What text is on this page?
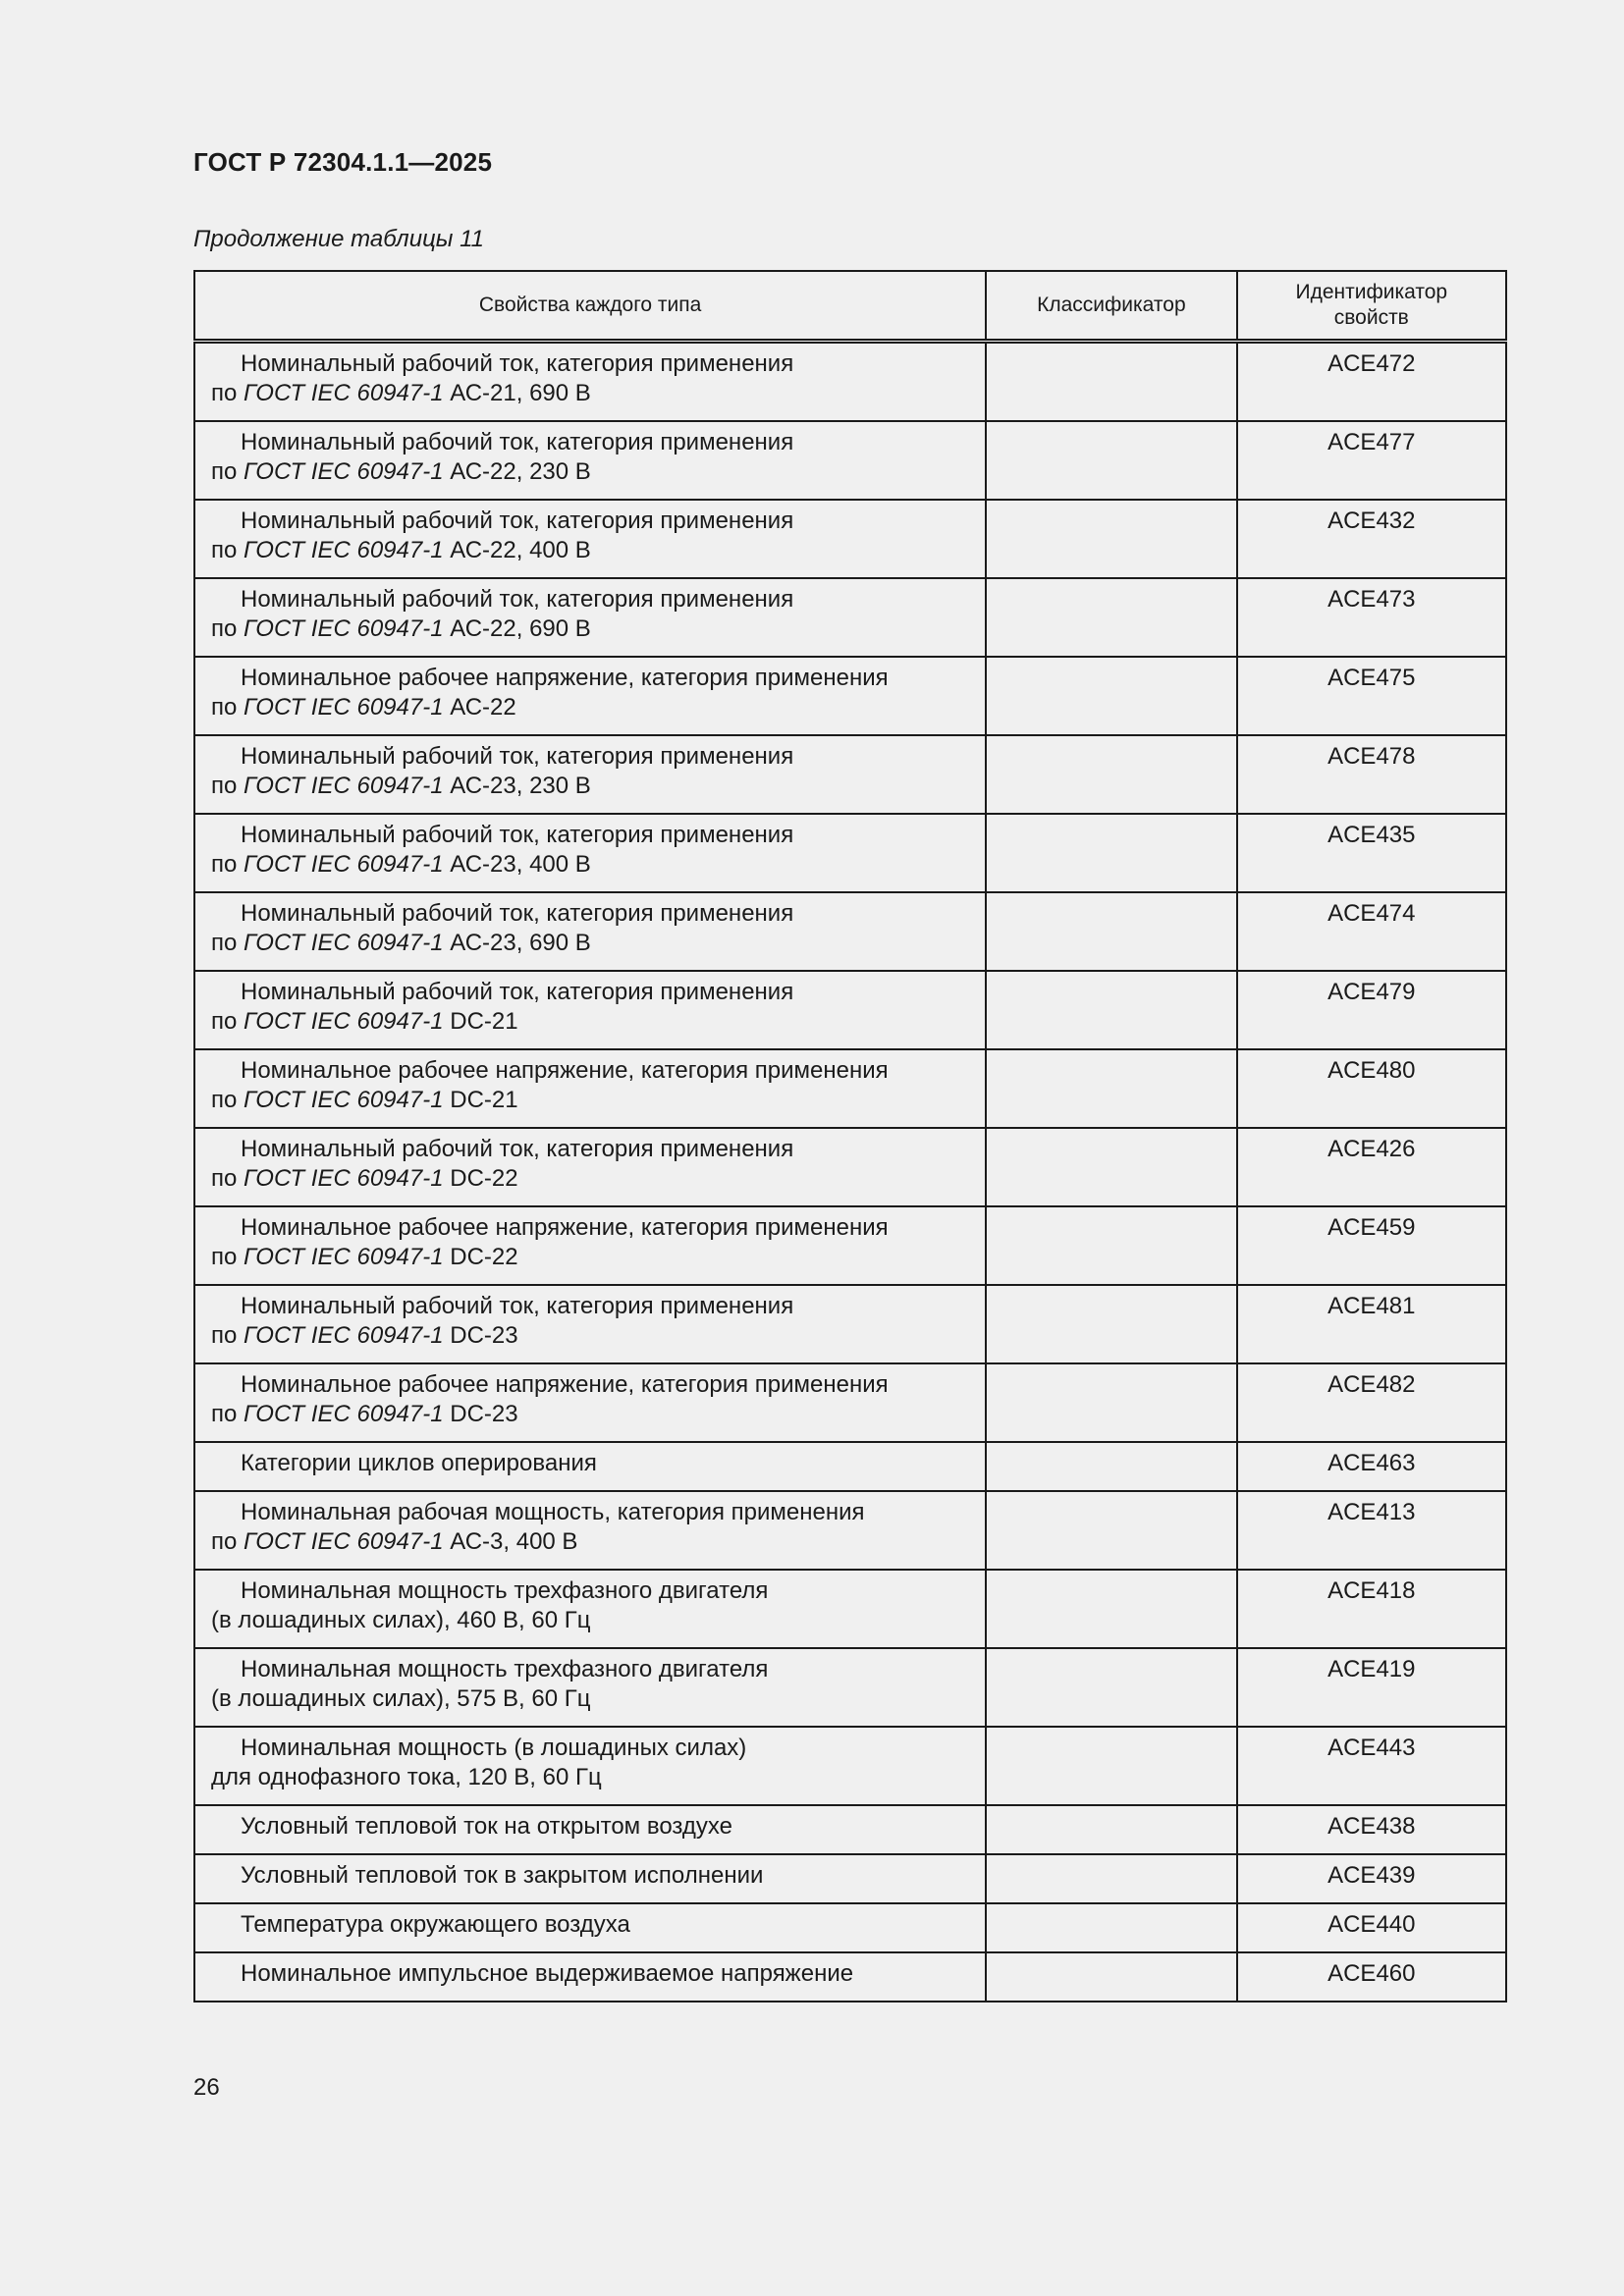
ГОСТ Р 72304.1.1—2025
Продолжение таблицы 11
Свойства каждого типа	Классификатор	Идентификатор
свойств
Номинальный рабочий ток, категория применения
по ГОСТ IEC 60947-1 АС-21, 690 В		ACE472
Номинальный рабочий ток, категория применения
по ГОСТ IEC 60947-1 АС-22, 230 В		ACE477
Номинальный рабочий ток, категория применения
по ГОСТ IEC 60947-1 АС-22, 400 В		ACE432
Номинальный рабочий ток, категория применения
по ГОСТ IEC 60947-1 АС-22, 690 В		ACE473
Номинальное рабочее напряжение, категория применения
по ГОСТ IEC 60947-1 АС-22		ACE475
Номинальный рабочий ток, категория применения
по ГОСТ IEC 60947-1 АС-23, 230 В		ACE478
Номинальный рабочий ток, категория применения
по ГОСТ IEC 60947-1 АС-23, 400 В		ACE435
Номинальный рабочий ток, категория применения
по ГОСТ IEC 60947-1 АС-23, 690 В		ACE474
Номинальный рабочий ток, категория применения
по ГОСТ IEC 60947-1 DC-21		ACE479
Номинальное рабочее напряжение, категория применения
по ГОСТ IEC 60947-1 DC-21		ACE480
Номинальный рабочий ток, категория применения
по ГОСТ IEC 60947-1 DC-22		ACE426
Номинальное рабочее напряжение, категория применения
по ГОСТ IEC 60947-1 DC-22		ACE459
Номинальный рабочий ток, категория применения
по ГОСТ IEC 60947-1 DC-23		ACE481
Номинальное рабочее напряжение, категория применения
по ГОСТ IEC 60947-1 DC-23		ACE482
Категории циклов оперирования		ACE463
Номинальная рабочая мощность, категория применения
по ГОСТ IEC 60947-1 АС-3, 400 В		ACE413
Номинальная мощность трехфазного двигателя
(в лошадиных силах), 460 В, 60 Гц		ACE418
Номинальная мощность трехфазного двигателя
(в лошадиных силах), 575 В, 60 Гц		ACE419
Номинальная мощность (в лошадиных силах)
для однофазного тока, 120 В, 60 Гц		ACE443
Условный тепловой ток на открытом воздухе		ACE438
Условный тепловой ток в закрытом исполнении		ACE439
Температура окружающего воздуха		ACE440
Номинальное импульсное выдерживаемое напряжение		ACE460
26
